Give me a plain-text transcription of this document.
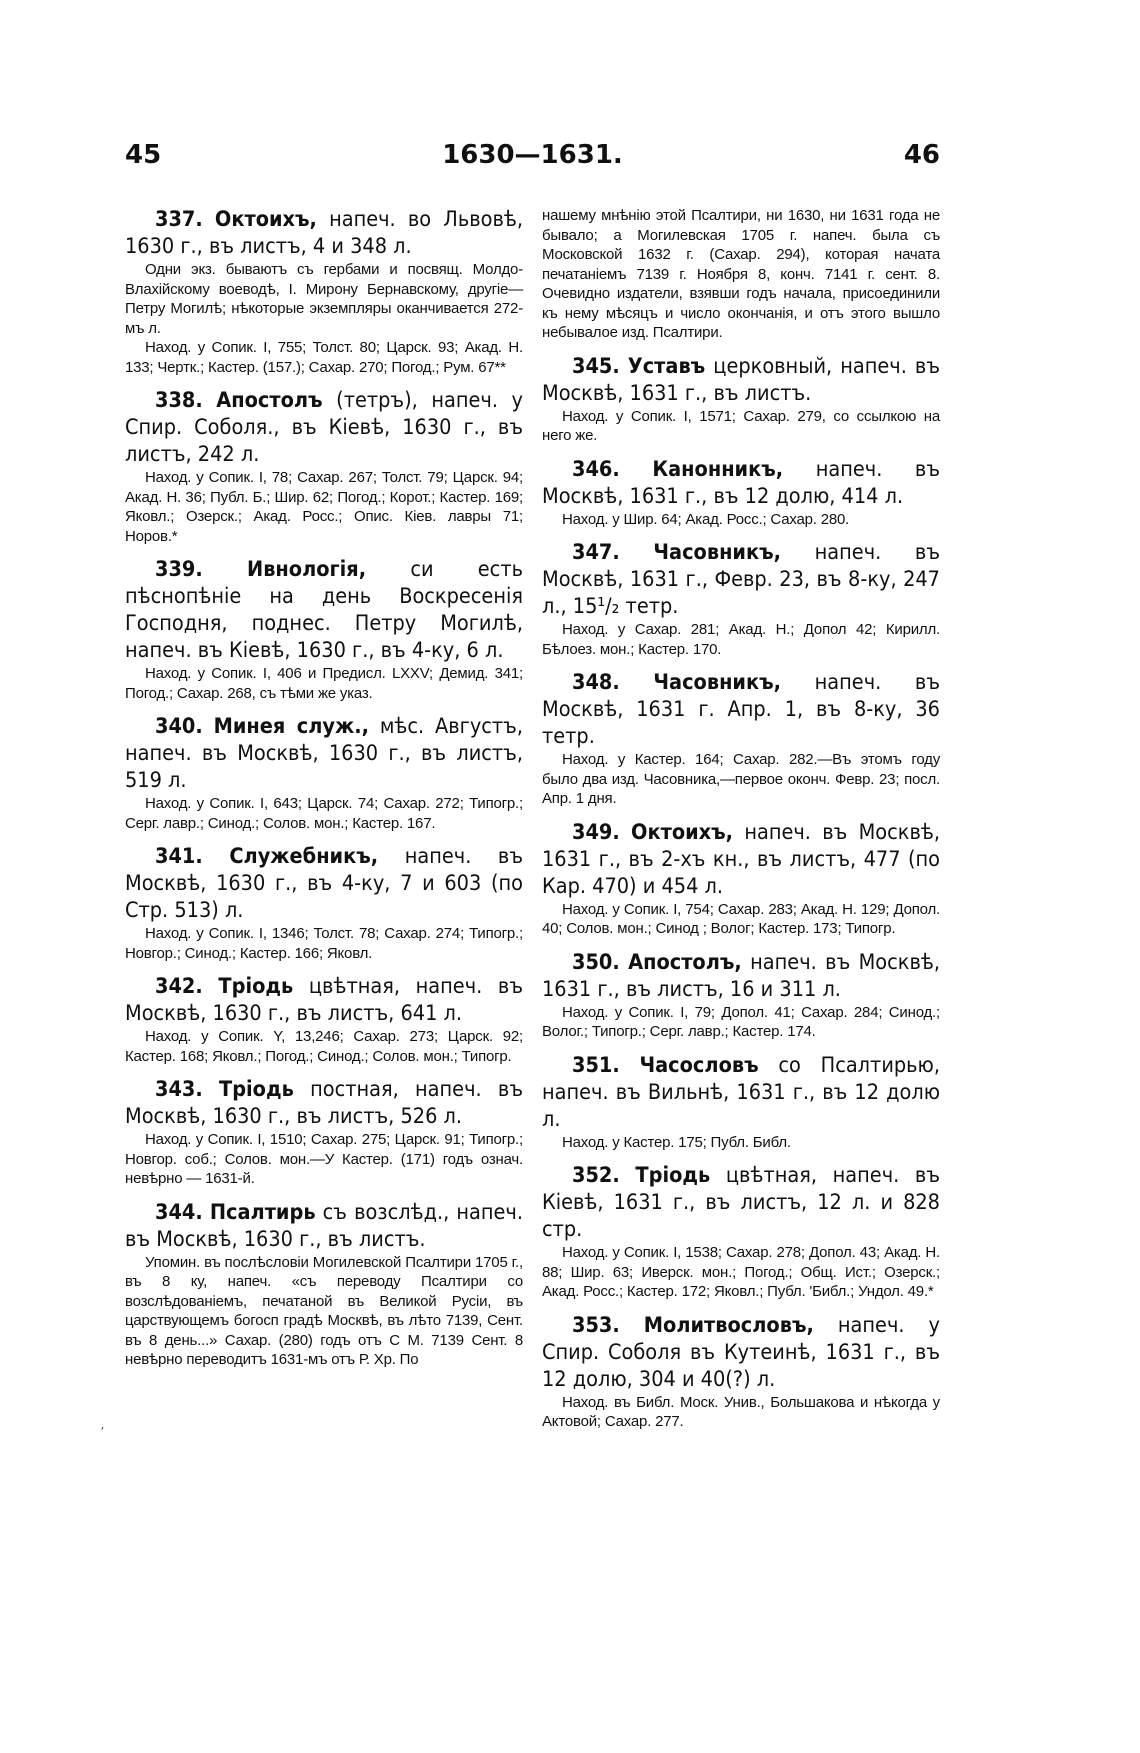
45	1630—1631.	46

337. Октоихъ, напеч. во Львовѣ, 1630 г., въ листъ, 4 и 348 л.

Одни экз. бываютъ съ гербами и посвящ. Молдо-Влахійскому воеводѣ, І. Мирону Бернавскому, другіе—Петру Могилѣ; нѣкоторые экземпляры оканчивается 272-мъ л.

Наход. у Сопик. І, 755; Толст. 80; Царск. 93; Акад. Н. 133; Чертк.; Кастер. (157.); Сахар. 270; Погод.; Рум. 67**

338. Апостолъ (тетръ), напеч. у Спир. Соболя., въ Кіевѣ, 1630 г., въ листъ, 242 л.

Наход. у Сопик. I, 78; Сахар. 267; Толст. 79; Царск. 94; Акад. Н. 36; Публ. Б.; Шир. 62; Погод.; Корот.; Кастер. 169; Яковл.; Озерск.; Акад. Росс.; Опис. Кіев. лавры 71; Норов.*

339. Ивнологія, си есть пѣснопѣніе на день Воскресенія Господня, поднес. Петру Могилѣ, напеч. въ Кіевѣ, 1630 г., въ 4-ку, 6 л.

Наход. у Сопик. I, 406 и Предисл. LXXV; Демид. 341; Погод.; Сахар. 268, съ тѣми же указ.

340. Минея служ., мѣс. Августъ, напеч. въ Москвѣ, 1630 г., въ листъ, 519 л.

Наход. у Сопик. I, 643; Царск. 74; Сахар. 272; Типогр.; Серг. лавр.; Синод.; Солов. мон.; Кастер. 167.

341. Служебникъ, напеч. въ Москвѣ, 1630 г., въ 4-ку, 7 и 603 (по Стр. 513) л.

Наход. у Сопик. I, 1346; Толст. 78; Сахар. 274; Типогр.; Новгор.; Синод.; Кастер. 166; Яковл.

342. Тріодь цвѣтная, напеч. въ Москвѣ, 1630 г., въ листъ, 641 л.

Наход. у Сопик. Y, 13,246; Сахар. 273; Царск. 92; Кастер. 168; Яковл.; Погод.; Синод.; Солов. мон.; Типогр.

343. Тріодь постная, напеч. въ Москвѣ, 1630 г., въ листъ, 526 л.

Наход. у Сопик. I, 1510; Сахар. 275; Царск. 91; Типогр.; Новгор. соб.; Солов. мон.—У Кастер. (171) годъ означ. невѣрно — 1631-й.

344. Псалтирь съ возслѣд., напеч. въ Москвѣ, 1630 г., въ листъ.

Упомин. въ послѣсловіи Могилевской Псалтири 1705 г., въ 8 ку, напеч. «съ переводу Псалтири со возслѣдованіемъ, печатаной въ Великой Русіи, въ царствующемъ богосп градѣ Москвѣ, въ лѣто 7139, Сент. въ 8 день...» Сахар. (280) годъ отъ С М. 7139 Сент. 8 невѣрно переводитъ 1631-мъ отъ Р. Хр. По

нашему мнѣнію этой Псалтири, ни 1630, ни 1631 года не бывало; а Могилевская 1705 г. напеч. была съ Московской 1632 г. (Сахар. 294), которая начата печатаніемъ 7139 г. Ноября 8, конч. 7141 г. сент. 8. Очевидно издатели, взявши годъ начала, присоединили къ нему мѣсяцъ и число окончанія, и отъ этого вышло небывалое изд. Псалтири.

345. Уставъ церковный, напеч. въ Москвѣ, 1631 г., въ листъ.

Наход. у Сопик. I, 1571; Сахар. 279, со ссылкою на него же.

346. Канонникъ, напеч. въ Москвѣ, 1631 г., въ 12 долю, 414 л.

Наход. у Шир. 64; Акад. Росс.; Сахар. 280.

347. Часовникъ, напеч. въ Москвѣ, 1631 г., Февр. 23, въ 8-ку, 247 л., 15¹/₂ тетр.

Наход. у Сахар. 281; Акад. Н.; Допол 42; Кирилл. Бѣлоез. мон.; Кастер. 170.

348. Часовникъ, напеч. въ Москвѣ, 1631 г. Апр. 1, въ 8-ку, 36 тетр.

Наход. у Кастер. 164; Сахар. 282.—Въ этомъ году было два изд. Часовника,—первое оконч. Февр. 23; посл. Апр. 1 дня.

349. Октоихъ, напеч. въ Москвѣ, 1631 г., въ 2-хъ кн., въ листъ, 477 (по Кар. 470) и 454 л.

Наход. у Сопик. I, 754; Сахар. 283; Акад. Н. 129; Допол. 40; Солов. мон.; Синод ; Волог; Кастер. 173; Типогр.

350. Апостолъ, напеч. въ Москвѣ, 1631 г., въ листъ, 16 и 311 л.

Наход. у Сопик. I, 79; Допол. 41; Сахар. 284; Синод.; Волог.; Типогр.; Серг. лавр.; Кастер. 174.

351. Часословъ со Псалтирью, напеч. въ Вильнѣ, 1631 г., въ 12 долю л.

Наход. у Кастер. 175; Публ. Библ.

352. Тріодь цвѣтная, напеч. въ Кіевѣ, 1631 г., въ листъ, 12 л. и 828 стр.

Наход. у Сопик. I, 1538; Сахар. 278; Допол. 43; Акад. Н. 88; Шир. 63; Иверск. мон.; Погод.; Общ. Ист.; Озерск.; Акад. Росс.; Кастер. 172; Яковл.; Публ. 'Библ.; Ундол. 49.*

353. Молитвословъ, напеч. у Спир. Соболя въ Кутеинѣ, 1631 г., въ 12 долю, 304 и 40(?) л.

Наход. въ Библ. Моск. Унив., Большакова и нѣкогда у Актовой; Сахар. 277.

ʼ
